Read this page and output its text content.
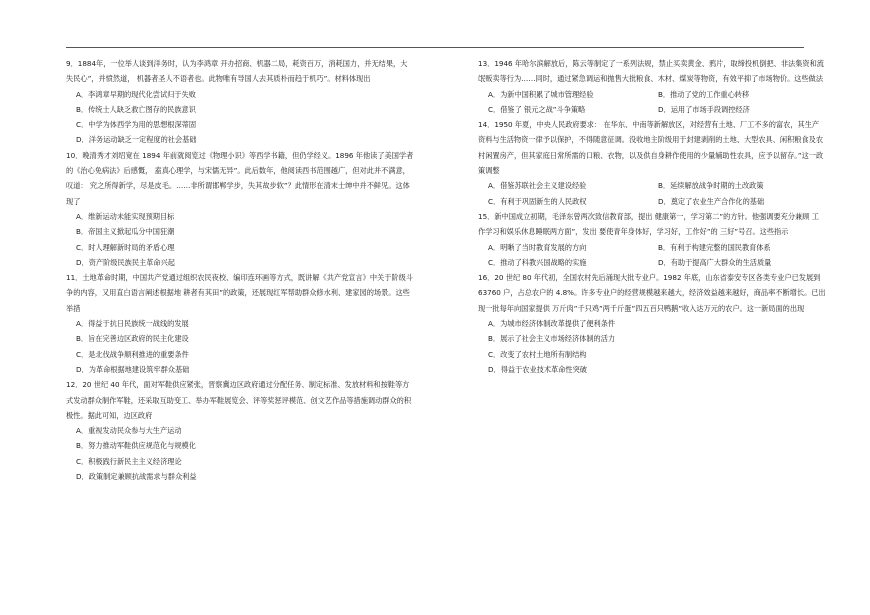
9．1884年，一位举人谈到洋务时，认为李鸿章 开办招商、机器二局，耗资百万，消耗国力，并无结果，大失民心”，并愤然道， 机器者圣人不语者也。此物唯有导国人去其质朴而趋于机巧”。材料体现出

A．李鸿章早期的现代化尝试归于失败

B．传统士人缺乏救亡图存的民族意识

C．中学为体西学为用的思想根深蒂固

D．洋务运动缺乏一定程度的社会基础

10．晚清秀才刘绍宽在 1894 年前就阅览过《物理小识》等西学书籍，但仍学经义。1896 年他读了美国学者的《治心免病法》后感慨， 盍真心理学，与宋儒无异”。此后数年，他阅读西书范围越广，但对此并不满意，叹道： 究之所得新学，尽是皮毛。……非所谓邯郸学步，失其故步软”？此情形在清末士绅中并不鲜见。这体现了

A．维新运动未能实现预期目标

B．帝国主义掀起瓜分中国狂潮

C．时人理解新时局的矛盾心理

D．资产阶级民族民主革命兴起

11．土地革命时期，中国共产党通过组织农民夜校、编印连环画等方式，既讲解《共产党宣言》中关于阶级斗争的内容，又用直白语言阐述根据地 耕者有其田”的政策，还展现红军帮助群众修水利、建家园的场景。这些举措

A．得益于抗日民族统一战线的发展

B．旨在完善边区政府的民主化建设

C．是北伐战争顺利推进的重要条件

D．为革命根据地建设筑牢群众基础

12．20 世纪 40 年代，面对军鞋供应紧张，晋察冀边区政府通过分配任务、制定标准、发放材料和按鞋等方式发动群众制作军鞋，还采取互助变工、举办军鞋展览会、评等奖惩评模范、创文艺作品等措施调动群众的积极性。据此可知，边区政府

A．重视发动民众参与大生产运动

B．努力推动军鞋供应规范化与规模化

C．积极践行新民主主义经济理论

D．政策制定兼顾抗战需求与群众利益

13．1946 年哈尔滨解放后，陈云等制定了一系列法规，禁止买卖黄金、鸦片，取缔投机倒把、非法集资和流氓贩卖等行为……同时，通过紧急调运和抛售大批粮食、木材、煤炭等物资，有效平抑了市场物价。这些做法

A．为新中国积累了城市管理经验	B．推动了党的工作重心转移

C．借鉴了 银元之战”斗争策略	D．运用了市场手段调控经济

14．1950 年夏，中央人民政府要求： 在华东、中南等新解放区，对经营有土地、厂工不多的富农，其生产资料与生活物资一律予以保护，不得随意征调。没收地主阶级用于封建剥削的土地、大型农具、闲积粮食及农村闲置房产，但其家庭日常所需的口粮、衣物，以及供自身耕作使用的少量辅助性农具，应予以留存。”这一政策调整

A．借鉴苏联社会主义建设经验	B．延续解放战争时期的土改政策

C．有利于巩固新生的人民政权	D．奠定了农业生产合作化的基础

15．新中国成立初期，毛泽东曾两次致信教育部，提出 健康第一，学习第二”的方针。他强调要充分兼顾 工作学习和娱乐休息睡眠两方面”，发出 要使青年身体好，学习好，工作好”的 三好”号召。这些指示

A．明晰了当时教育发展的方向	B．有利于构建完整的国民教育体系

C．推动了科教兴国战略的实施	D．有助于提高广大群众的生活质量

16．20 世纪 80 年代初，全国农村先后涌现大批专业户。1982 年底，山东省泰安专区各类专业户已发展到 63760 户，占总农户的 4.8%。许多专业户的经营规模越来越大，经济效益越来越好，商品率不断增长。已出现一批每年向国家提供 万斤肉”千只鸡”两千斤蛋”四五百只鸭鹅”收入达万元的农户。这一新局面的出现

A．为城市经济体制改革提供了便利条件

B．展示了社会主义市场经济体制的活力

C．改变了农村土地所有制结构

D．得益于农业技术革命性突破
